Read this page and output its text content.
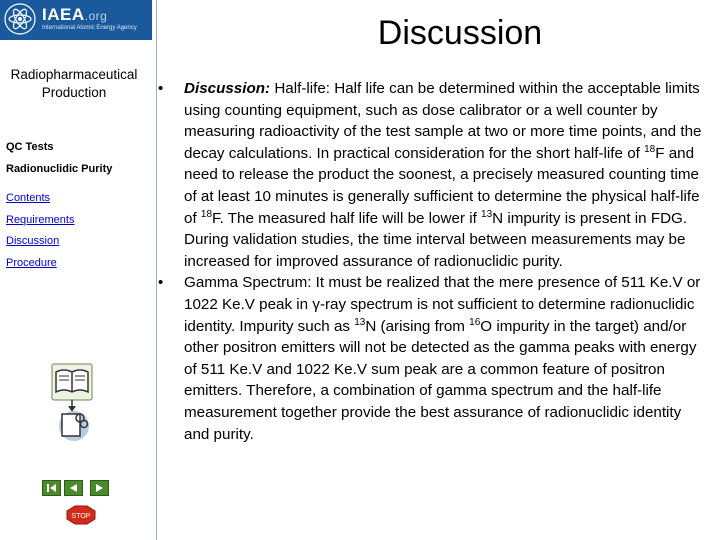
IAEA.org
International Atomic Energy Agency
Radiopharmaceutical Production
QC Tests
Radionuclidic Purity
Contents
Requirements
Discussion
Procedure
STOP
Discussion
• Discussion: Half-life: Half life can be determined within the acceptable limits using counting equipment, such as dose calibrator or a well counter by measuring radioactivity of the test sample at two or more time points, and the decay calculations. In practical consideration for the short half-life of $^{18}$F and need to release the product the soonest, a precisely measured counting time of at least 10 minutes is generally sufficient to determine the physical half-life of $^{18}$F. The measured half life will be lower if $^{13}$N impurity is present in FDG. During validation studies, the time interval between measurements may be increased for improved assurance of radionuclidic purity.

• Gamma Spectrum: It must be realized that the mere presence of 511 Ke.V or 1022 Ke.V peak in γ-ray spectrum is not sufficient to determine radionuclidic identity. Impurity such as $^{13}$N (arising from $^{16}$O impurity in the target) and/or other positron emitters will not be detected as the gamma peaks with energy of 511 Ke.V and 1022 Ke.V sum peak are a common feature of positron emitters. Therefore, a combination of gamma spectrum and the half-life measurement together provide the best assurance of radionuclidic identity and purity.
